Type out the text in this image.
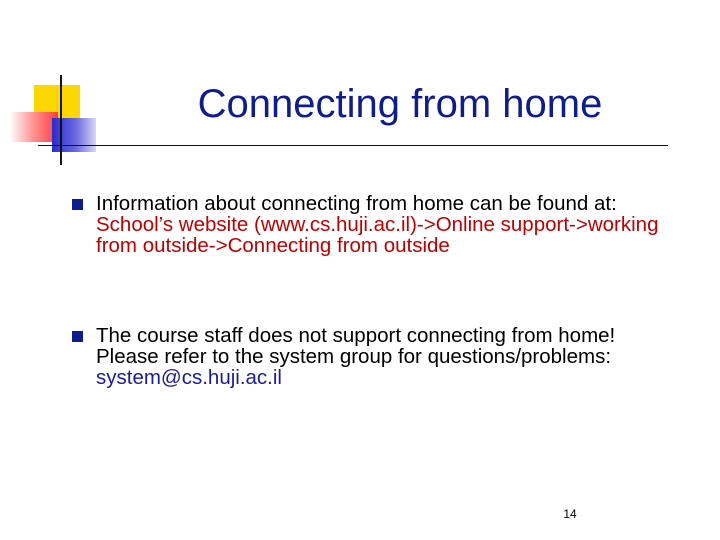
Connecting from home
Information about connecting from home can be found at:
School’s website (www.cs.huji.ac.il)->Online support->working from outside->Connecting from outside
The course staff does not support connecting from home! Please refer to the system group for questions/problems: system@cs.huji.ac.il
14
